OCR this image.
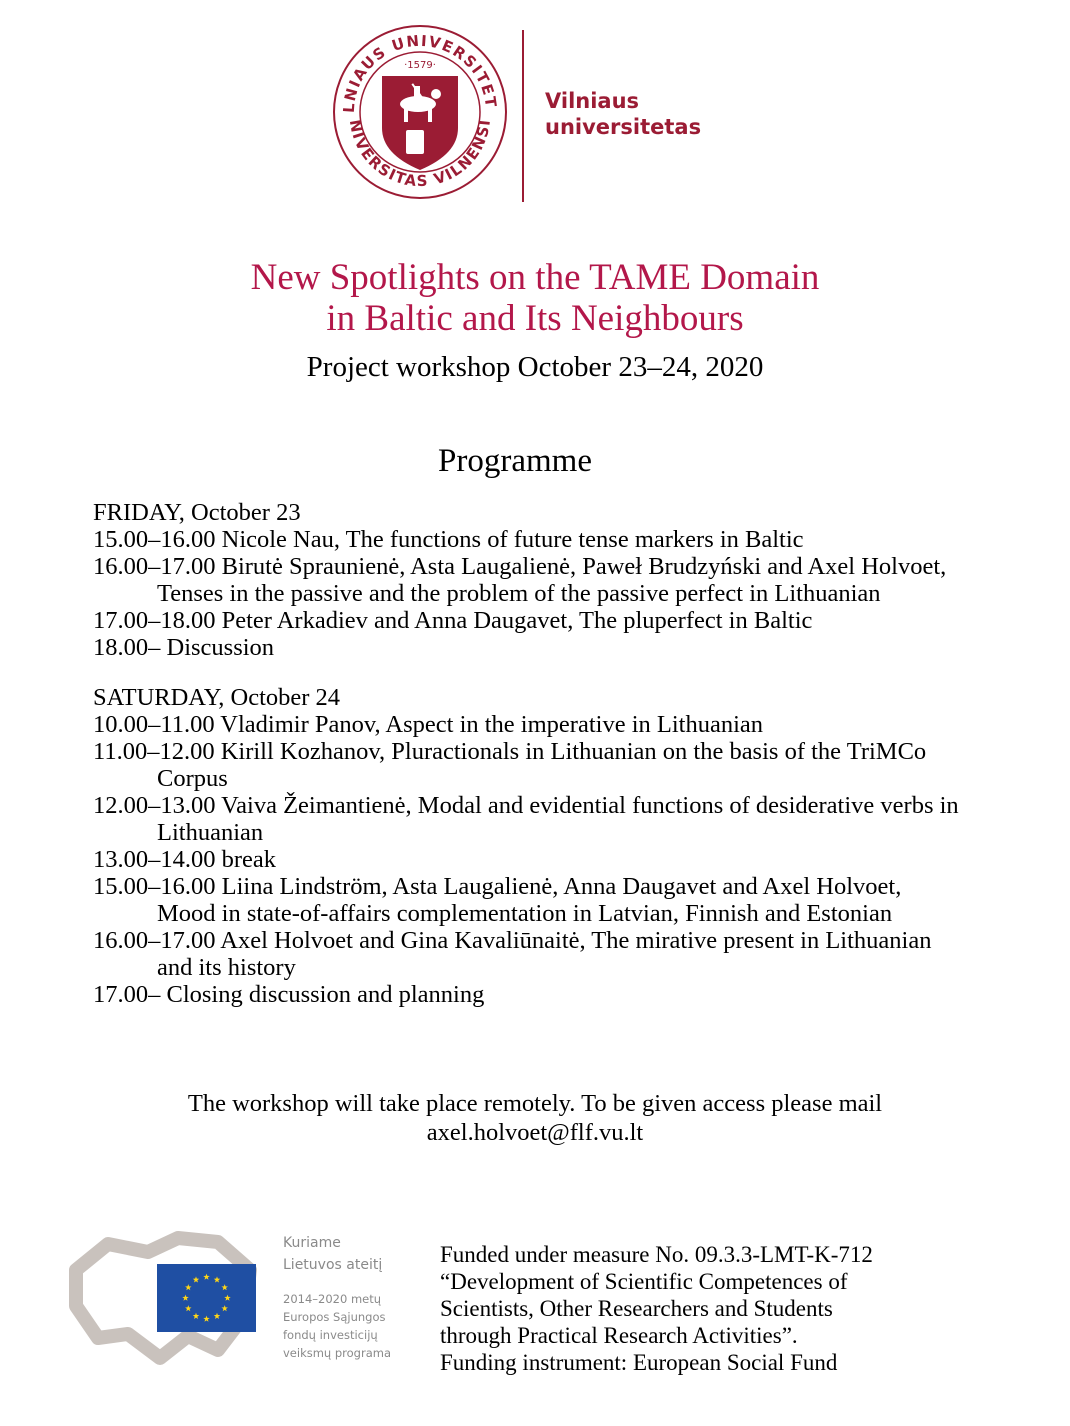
LNIAUS UNIVERSITET
NIVERSITAS VILNENSI
·1579·
Vilniaus
universitetas
New Spotlights on the TAME Domain
in Baltic and Its Neighbours
Project workshop October 23–24, 2020
Programme
FRIDAY, October 23
15.00–16.00 Nicole Nau, The functions of future tense markers in Baltic
16.00–17.00 Birutė Spraunienė, Asta Laugalienė, Paweł Brudzyński and Axel Holvoet, Tenses in the passive and the problem of the passive perfect in Lithuanian
17.00–18.00 Peter Arkadiev and Anna Daugavet, The pluperfect in Baltic
18.00– Discussion
SATURDAY, October 24
10.00–11.00 Vladimir Panov, Aspect in the imperative in Lithuanian
11.00–12.00 Kirill Kozhanov, Pluractionals in Lithuanian on the basis of the TriMCo Corpus
12.00–13.00 Vaiva Žeimantienė, Modal and evidential functions of desiderative verbs in Lithuanian
13.00–14.00 break
15.00–16.00 Liina Lindström, Asta Laugalienė, Anna Daugavet and Axel Holvoet, Mood in state-of-affairs complementation in Latvian, Finnish and Estonian
16.00–17.00 Axel Holvoet and Gina Kavaliūnaitė, The mirative present in Lithuanian and its history
17.00– Closing discussion and planning
The workshop will take place remotely. To be given access please mail
axel.holvoet@flf.vu.lt
Kuriame
Lietuvos ateitį
2014–2020 metų
Europos Sąjungos
fondų investicijų
veiksmų programa
Funded under measure No. 09.3.3-LMT-K-712
“Development of Scientific Competences of
Scientists, Other Researchers and Students
through Practical Research Activities”.
Funding instrument: European Social Fund
